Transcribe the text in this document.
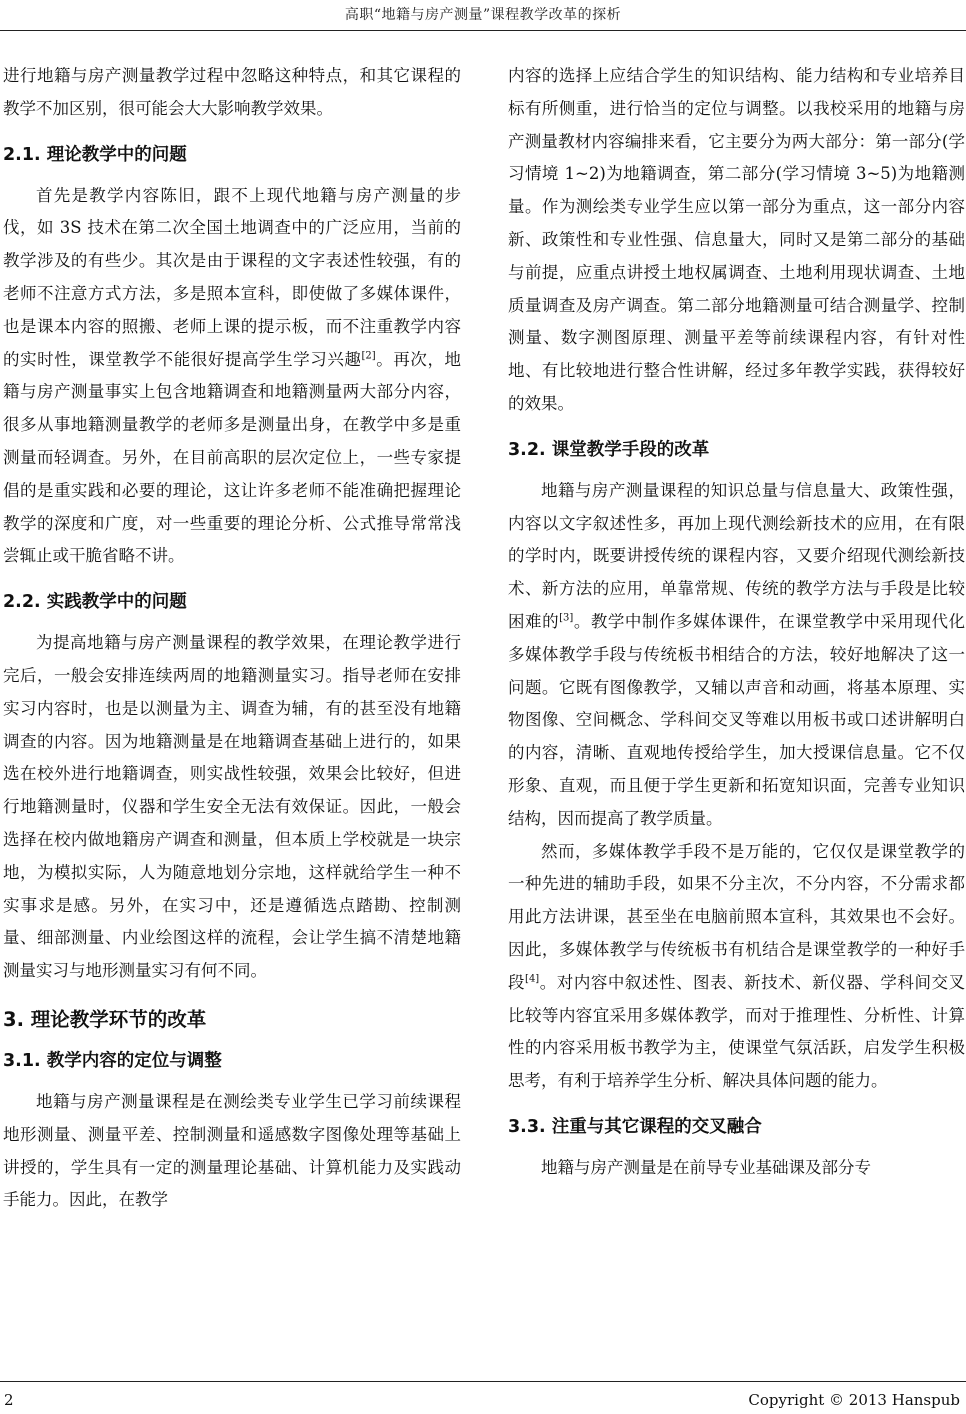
高职“地籍与房产测量”课程教学改革的探析

进行地籍与房产测量教学过程中忽略这种特点，和其它课程的教学不加区别，很可能会大大影响教学效果。

2.1. 理论教学中的问题

首先是教学内容陈旧，跟不上现代地籍与房产测量的步伐，如 3S 技术在第二次全国土地调查中的广泛应用，当前的教学涉及的有些少。其次是由于课程的文字表述性较强，有的老师不注意方式方法，多是照本宣科，即使做了多媒体课件，也是课本内容的照搬、老师上课的提示板，而不注重教学内容的实时性，课堂教学不能很好提高学生学习兴趣[2]。再次，地籍与房产测量事实上包含地籍调查和地籍测量两大部分内容，很多从事地籍测量教学的老师多是测量出身，在教学中多是重测量而轻调查。另外，在目前高职的层次定位上，一些专家提倡的是重实践和必要的理论，这让许多老师不能准确把握理论教学的深度和广度，对一些重要的理论分析、公式推导常常浅尝辄止或干脆省略不讲。

2.2. 实践教学中的问题

为提高地籍与房产测量课程的教学效果，在理论教学进行完后，一般会安排连续两周的地籍测量实习。指导老师在安排实习内容时，也是以测量为主、调查为辅，有的甚至没有地籍调查的内容。因为地籍测量是在地籍调查基础上进行的，如果选在校外进行地籍调查，则实战性较强，效果会比较好，但进行地籍测量时，仪器和学生安全无法有效保证。因此，一般会选择在校内做地籍房产调查和测量，但本质上学校就是一块宗地，为模拟实际，人为随意地划分宗地，这样就给学生一种不实事求是感。另外，在实习中，还是遵循选点踏勘、控制测量、细部测量、内业绘图这样的流程，会让学生搞不清楚地籍测量实习与地形测量实习有何不同。

3. 理论教学环节的改革
3.1. 教学内容的定位与调整

地籍与房产测量课程是在测绘类专业学生已学习前续课程地形测量、测量平差、控制测量和遥感数字图像处理等基础上讲授的，学生具有一定的测量理论基础、计算机能力及实践动手能力。因此，在教学

内容的选择上应结合学生的知识结构、能力结构和专业培养目标有所侧重，进行恰当的定位与调整。以我校采用的地籍与房产测量教材内容编排来看，它主要分为两大部分：第一部分(学习情境 1~2)为地籍调查，第二部分(学习情境 3~5)为地籍测量。作为测绘类专业学生应以第一部分为重点，这一部分内容新、政策性和专业性强、信息量大，同时又是第二部分的基础与前提，应重点讲授土地权属调查、土地利用现状调查、土地质量调查及房产调查。第二部分地籍测量可结合测量学、控制测量、数字测图原理、测量平差等前续课程内容，有针对性地、有比较地进行整合性讲解，经过多年教学实践，获得较好的效果。

3.2. 课堂教学手段的改革

地籍与房产测量课程的知识总量与信息量大、政策性强，内容以文字叙述性多，再加上现代测绘新技术的应用，在有限的学时内，既要讲授传统的课程内容，又要介绍现代测绘新技术、新方法的应用，单靠常规、传统的教学方法与手段是比较困难的[3]。教学中制作多媒体课件，在课堂教学中采用现代化多媒体教学手段与传统板书相结合的方法，较好地解决了这一问题。它既有图像教学，又辅以声音和动画，将基本原理、实物图像、空间概念、学科间交叉等难以用板书或口述讲解明白的内容，清晰、直观地传授给学生，加大授课信息量。它不仅形象、直观，而且便于学生更新和拓宽知识面，完善专业知识结构，因而提高了教学质量。

然而，多媒体教学手段不是万能的，它仅仅是课堂教学的一种先进的辅助手段，如果不分主次，不分内容，不分需求都用此方法讲课，甚至坐在电脑前照本宣科，其效果也不会好。因此，多媒体教学与传统板书有机结合是课堂教学的一种好手段[4]。对内容中叙述性、图表、新技术、新仪器、学科间交叉比较等内容宜采用多媒体教学，而对于推理性、分析性、计算性的内容采用板书教学为主，使课堂气氛活跃，启发学生积极思考，有利于培养学生分析、解决具体问题的能力。

3.3. 注重与其它课程的交叉融合

地籍与房产测量是在前导专业基础课及部分专

2	Copyright © 2013 Hanspub
